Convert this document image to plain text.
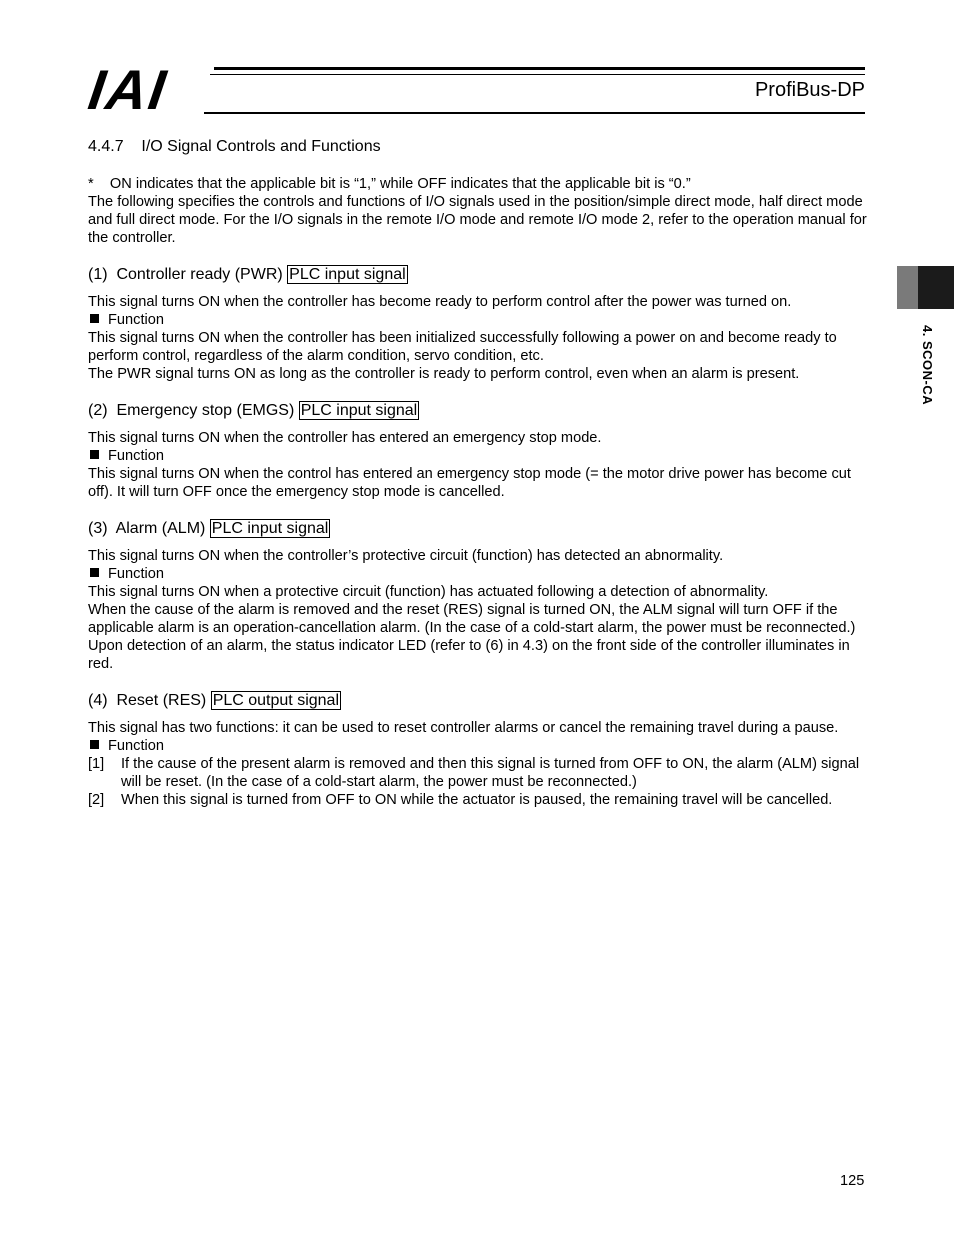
IAI	ProfiBus-DP
4. SCON-CA
4.4.7    I/O Signal Controls and Functions
*    ON indicates that the applicable bit is “1,” while OFF indicates that the applicable bit is “0.”
The following specifies the controls and functions of I/O signals used in the position/simple direct mode, half direct mode and full direct mode. For the I/O signals in the remote I/O mode and remote I/O mode 2, refer to the operation manual for the controller.
(1)  Controller ready (PWR) PLC input signal
This signal turns ON when the controller has become ready to perform control after the power was turned on.
Function
This signal turns ON when the controller has been initialized successfully following a power on and become ready to perform control, regardless of the alarm condition, servo condition, etc.
The PWR signal turns ON as long as the controller is ready to perform control, even when an alarm is present.
(2)  Emergency stop (EMGS) PLC input signal
This signal turns ON when the controller has entered an emergency stop mode.
Function
This signal turns ON when the control has entered an emergency stop mode (= the motor drive power has become cut off). It will turn OFF once the emergency stop mode is cancelled.
(3)  Alarm (ALM) PLC input signal
This signal turns ON when the controller’s protective circuit (function) has detected an abnormality.
Function
This signal turns ON when a protective circuit (function) has actuated following a detection of abnormality.
When the cause of the alarm is removed and the reset (RES) signal is turned ON, the ALM signal will turn OFF if the applicable alarm is an operation-cancellation alarm. (In the case of a cold-start alarm, the power must be reconnected.)
Upon detection of an alarm, the status indicator LED (refer to (6) in 4.3) on the front side of the controller illuminates in red.
(4)  Reset (RES) PLC output signal
This signal has two functions: it can be used to reset controller alarms or cancel the remaining travel during a pause.
Function
[1]	If the cause of the present alarm is removed and then this signal is turned from OFF to ON, the alarm (ALM) signal will be reset. (In the case of a cold-start alarm, the power must be reconnected.)
[2]	When this signal is turned from OFF to ON while the actuator is paused, the remaining travel will be cancelled.
125
